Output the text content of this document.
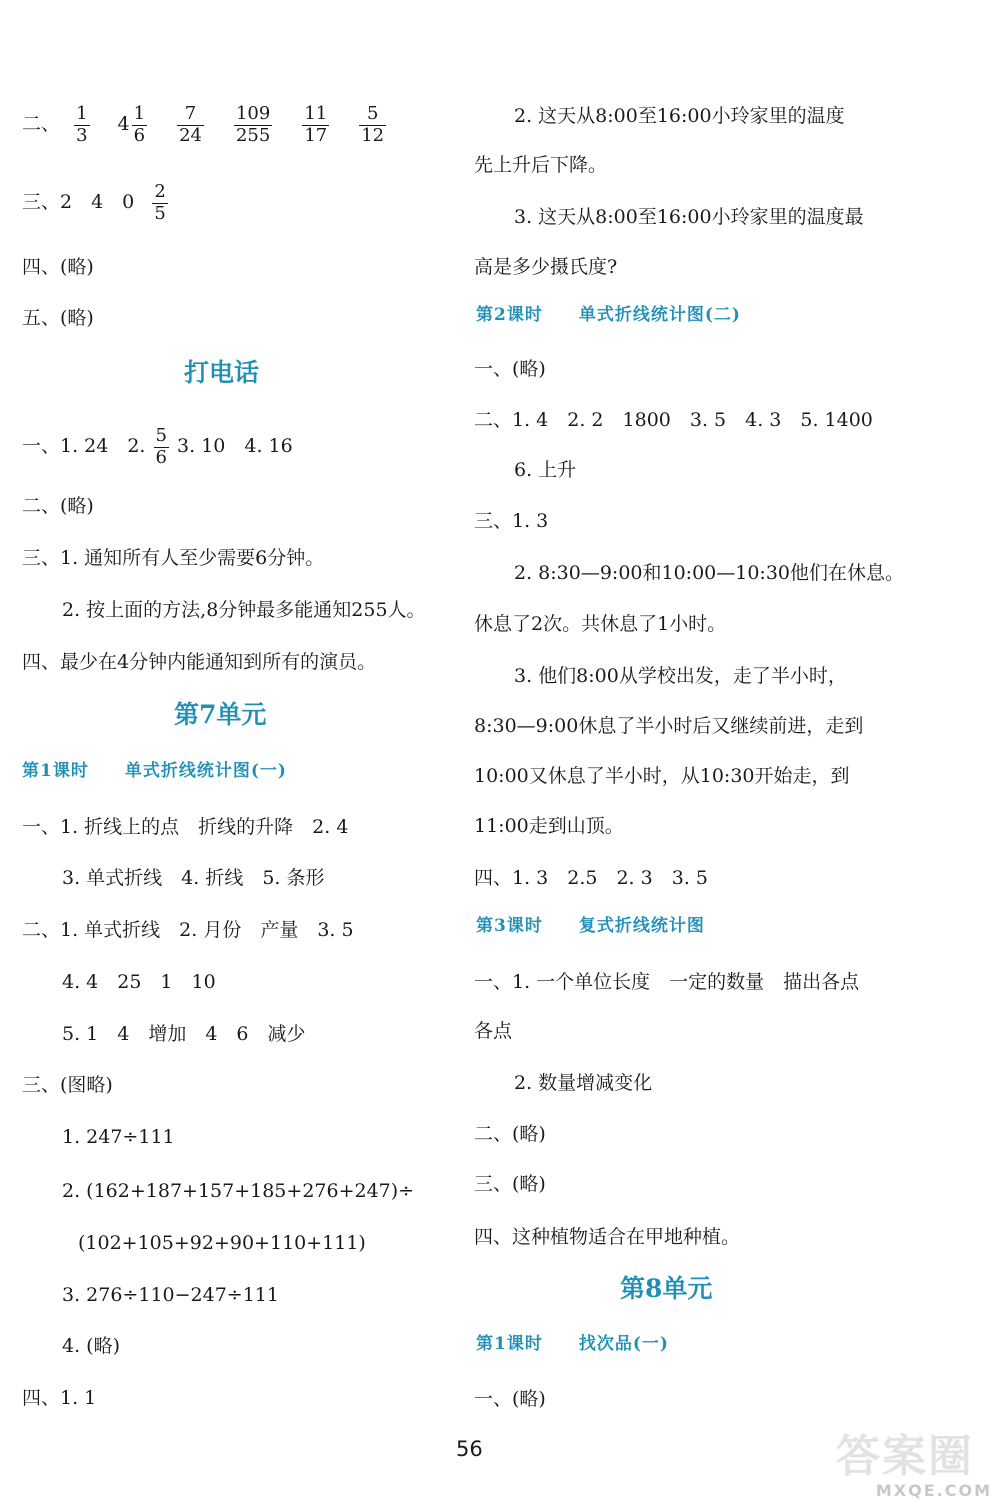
二、 $\frac{1}{3} 4 \frac{1}{6} \frac{7}{24} \frac{109}{255} \frac{11}{17} \frac{5}{12}$
三、2　4　$0 \frac{2}{5}$
四、(略)
五、(略)
打电话
一、1. 24　2. $\frac{5}{6} 3$. 10　4. 16
二、(略)
三、1. 通知所有人至少需要6分钟。
2. 按上面的方法,8分钟最多能通知255人。
四、最少在4分钟内能通知到所有的演员。
第7单元
第1课时 单式折线统计图(一)
一、1. 折线上的点　折线的升降　2. 4
3. 单式折线　4. 折线　5. 条形
二、1. 单式折线　2. 月份　产量　3. 5
4. 4　25　1　10
5. 1　4　增加　4　6　减少
三、(图略)
1. 247÷111
2. (162+187+157+185+276+247)÷
(102+105+92+90+110+111)
3. 276÷110−247÷111
4. (略)
四、1. 1
2. 这天从8:00至16:00小玲家里的温度
先上升后下降。
3. 这天从8:00至16:00小玲家里的温度最
高是多少摄氏度?
第2课时 单式折线统计图(二)
一、(略)
二、1. 4　2. 2　1800　3. 5　4. 3　5. 1400
6. 上升
三、1. 3
2. 8:30—9:00和10:00—10:30他们在休息。
休息了2次。共休息了1小时。
3. 他们8:00从学校出发，走了半小时，
8:30—9:00休息了半小时后又继续前进，走到
10:00又休息了半小时，从10:30开始走，到
11:00走到山顶。
四、1. 3　2.5　2. 3　3. 5
第3课时 复式折线统计图
一、1. 一个单位长度　一定的数量　描出各点
各点
2. 数量增减变化
二、(略)
三、(略)
四、这种植物适合在甲地种植。
第8单元
第1课时 找次品(一)
一、(略)
56	答案圈
MXQE.COM
